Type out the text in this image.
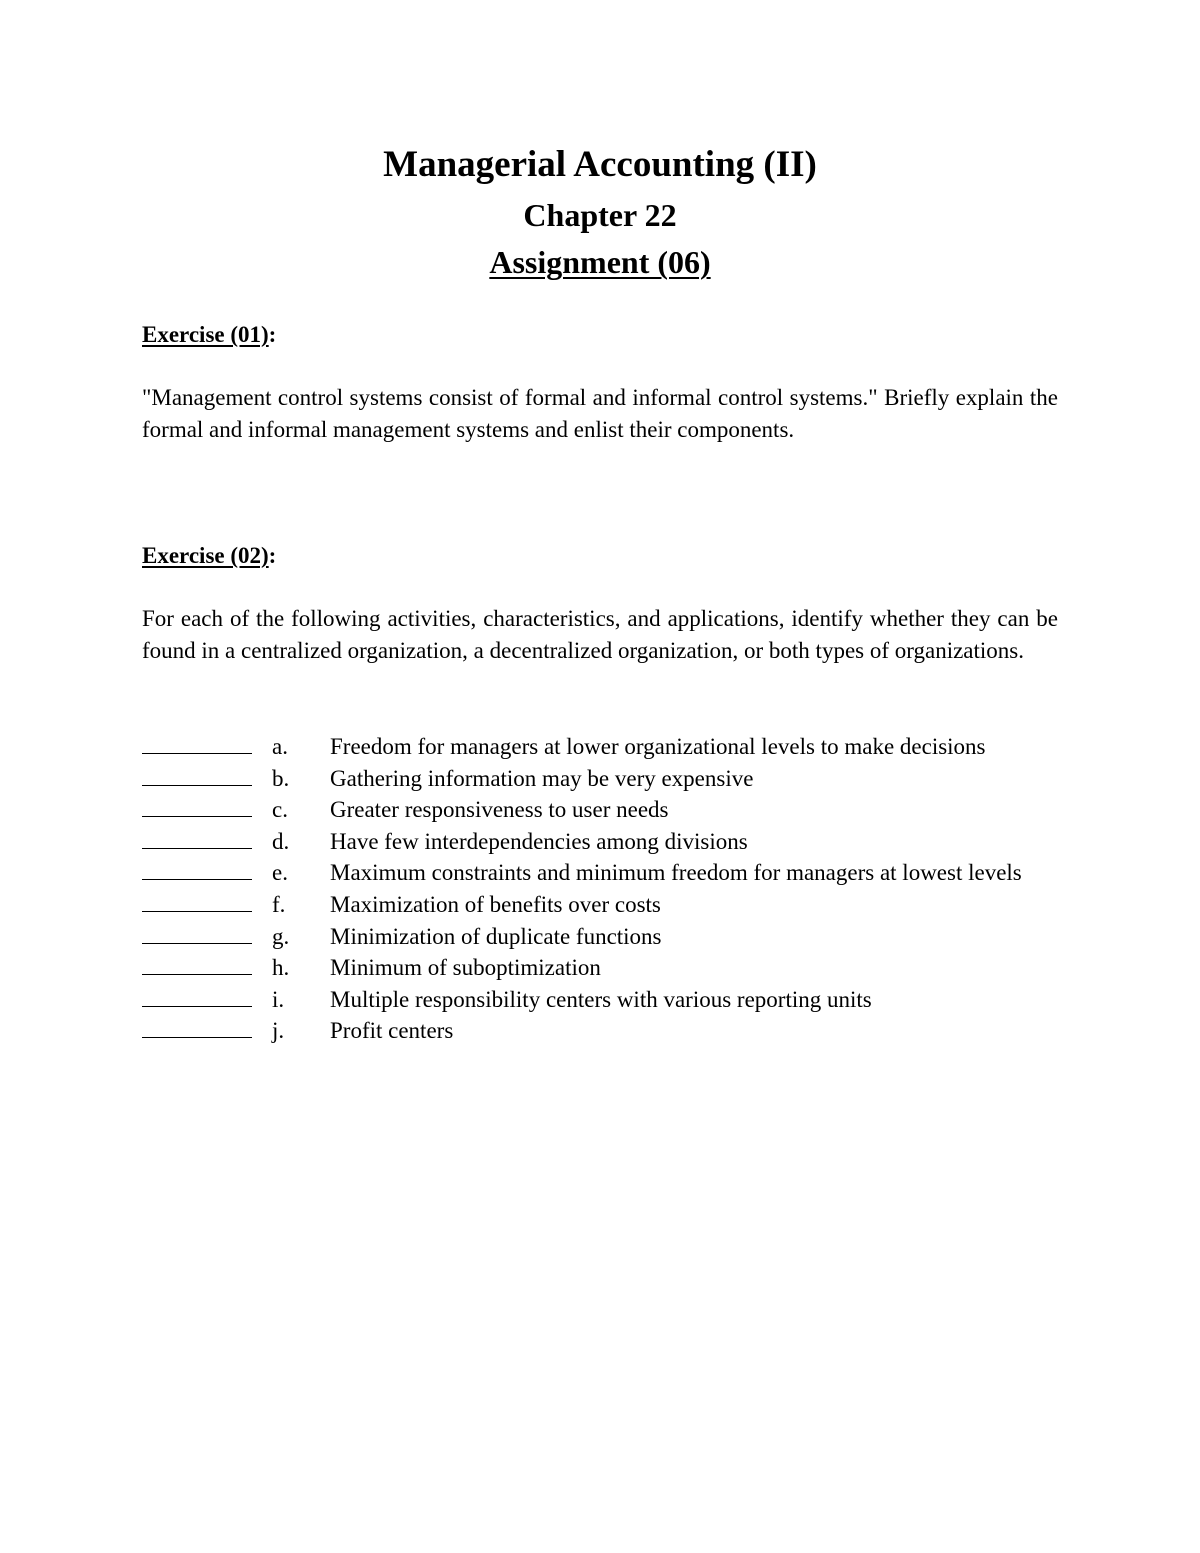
Managerial Accounting (II)
Chapter 22
Assignment (06)
Exercise (01):
"Management control systems consist of formal and informal control systems." Briefly explain the formal and informal management systems and enlist their components.
Exercise (02):
For each of the following activities, characteristics, and applications, identify whether they can be found in a centralized organization, a decentralized organization, or both types of organizations.
a.	Freedom for managers at lower organizational levels to make decisions
b.	Gathering information may be very expensive
c.	Greater responsiveness to user needs
d.	Have few interdependencies among divisions
e.	Maximum constraints and minimum freedom for managers at lowest levels
f.	Maximization of benefits over costs
g.	Minimization of duplicate functions
h.	Minimum of suboptimization
i.	Multiple responsibility centers with various reporting units
j.	Profit centers
